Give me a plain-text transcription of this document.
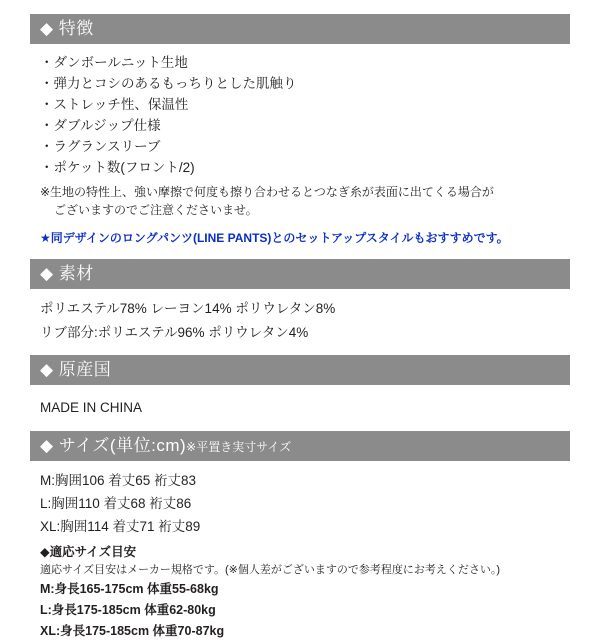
◆ 特徴
・ダンボールニット生地
・弾力とコシのあるもっちりとした肌触り
・ストレッチ性、保温性
・ダブルジップ仕様
・ラグランスリーブ
・ポケット数(フロント/2)
※生地の特性上、強い摩擦で何度も擦り合わせるとつなぎ糸が表面に出てくる場合が
ございますのでご注意くださいませ。
★同デザインのロングパンツ(LINE PANTS)とのセットアップスタイルもおすすめです。
◆ 素材
ポリエステル78% レーヨン14% ポリウレタン8%
リブ部分:ポリエステル96% ポリウレタン4%
◆ 原産国
MADE IN CHINA
◆ サイズ(単位:cm)※平置き実寸サイズ
M:胸囲106 着丈65 裄丈83
L:胸囲110 着丈68 裄丈86
XL:胸囲114 着丈71 裄丈89
◆適応サイズ目安
適応サイズ目安はメーカー規格です。(※個人差がございますので参考程度にお考えください。)
M:身長165-175cm 体重55-68kg
L:身長175-185cm 体重62-80kg
XL:身長175-185cm 体重70-87kg
